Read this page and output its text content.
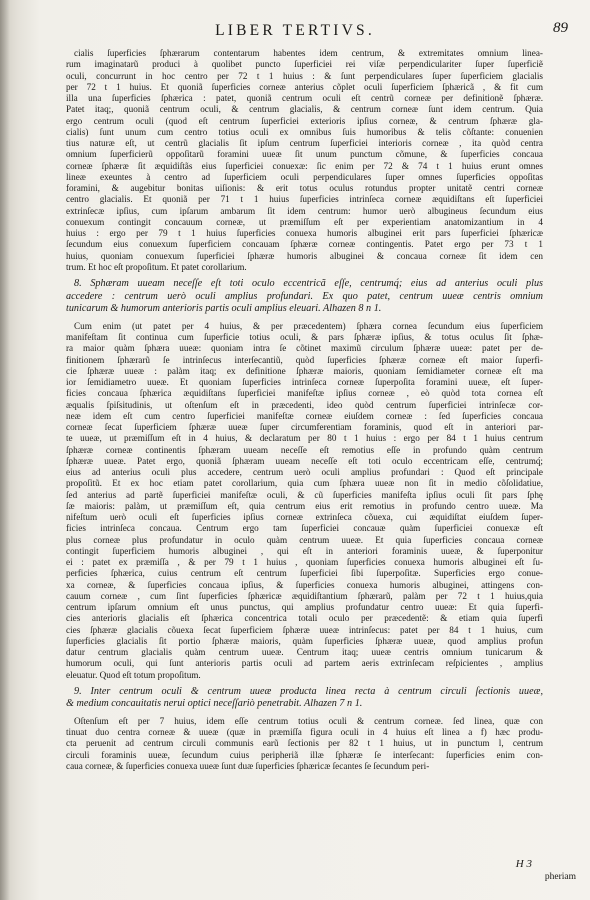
LIBER TERTIVS.	89
cialis ſuperficies ſphærarum contentarum habentes idem centrum, & extremitates omnium linea-
rum imaginatarũ produci à quolibet puncto ſuperficiei rei viſæ perpendiculariter ſuper ſuperficiẽ
oculi, concurrunt in hoc centro per 72 t 1 huius : & ſunt perpendiculares ſuper ſuperficiem glacialis
per 72 t 1 huius. Et quoniã ſuperficies corneæ anterius cõplet oculi ſuperficiem ſphæricã , & fit cum
illa una ſuperficies ſphærica : patet, quoniã centrum oculi eſt centrũ corneæ per definitionẽ ſphæræ.
Patet itaq;, quoniã centrum oculi, & centrum glacialis, & centrum corneæ ſunt idem centrum. Quia
ergo centrum oculi (quod eſt centrum ſuperficiei exterioris ipſius corneæ, & centrum ſphæræ gla-
cialis) ſunt unum cum centro totius oculi ex omnibus ſuis humoribus & telis cõſtante: conuenien
tius naturæ eſt, ut centrũ glacialis ſit ipſum centrum ſuperficiei interioris corneæ , ita quòd centra
omnium ſuperficierũ oppoſitarũ foramini uueæ ſit unum punctum cõmune, & ſuperficies concaua
corneæ ſphæræ ſit æquidiſtãs eius ſuperficiei conuexæ: ſic enim per 72 & 74 t 1 huius erunt omnes
lineæ exeuntes à centro ad ſuperficiem oculi perpendiculares ſuper omnes ſuperficies oppoſitas
foramini, & augebitur bonitas uiſionis: & erit totus oculus rotundus propter unitatẽ centri corneæ
centro glacialis. Et quoniã per 71 t 1 huius ſuperficies intrinſeca corneæ æquidiſtans eſt ſuperficiei
extrinſecæ ipſius, cum ipſarum ambarum ſit idem centrum: humor uerò albugineus ſecundum eius
conuexum contingit concauum corneæ, ut præmiſſum eſt per experientiam anatomizantium in 4
huius : ergo per 79 t 1 huius ſuperficies conuexa humoris albuginei erit pars ſuperficiei ſphæricæ
ſecundum eius conuexum ſuperficiem concauam ſphæræ corneæ contingentis. Patet ergo per 73 t 1
huius, quoniam conuexum ſuperficiei ſphæræ humoris albuginei & concaua corneæ ſit idem cen
trum. Et hoc eſt propoſitum. Et patet corollarium.
8. Sphæram uueam neceſſe eſt toti oculo eccentricã eſſe, centrumq́; eius ad anterius oculi plus
accedere : centrum uerò oculi amplius profundari. Ex quo patet, centrum uueæ centris omnium
tunicarum & humorum anterioris partis oculi amplius eleuari. Alhazen 8 n 1.
Cum enim (ut patet per 4 huius, & per præcedentem) ſphæra cornea ſecundum eius ſuperficiem
manifeſtam ſit continua cum ſuperficie totius oculi, & pars ſphæræ ipſius, & totus oculus ſit ſphæ-
ra maior quàm ſphæra uueæ: quoniam intra ſe cõtinet maximũ circulum ſphæræ uueæ: patet per de-
finitionem ſphærarũ ſe intrinſecus interſecantiũ, quòd ſuperficies ſphæræ corneæ eſt maior ſuperfi-
cie ſphæræ uueæ : palàm itaq; ex definitione ſphæræ maioris, quoniam ſemidiameter corneæ eſt ma
ior ſemidiametro uueæ. Et quoniam ſuperficies intrinſeca corneæ ſuperpoſita foramini uueæ, eſt ſuper-
ficies concaua ſphærica æquidiſtans ſuperficiei manifeſtæ ipſius corneæ , eò quòd tota cornea eſt
æqualis ſpiſsitudinis, ut oſtenſum eſt in præcedenti, ideo quòd centrum ſuperficiei intrinſecæ cor-
neæ idem eſt cum centro ſuperficiei manifeſtæ corneæ eiuſdem corneæ : ſed ſuperficies concaua
corneæ ſecat ſuperficiem ſphæræ uueæ ſuper circumferentiam foraminis, quod eſt in anteriori par-
te uueæ, ut præmiſſum eſt in 4 huius, & declaratum per 80 t 1 huius : ergo per 84 t 1 huius centrum
ſphæræ corneæ continentis ſphæram uueam neceſſe eſt remotius eſſe in profundo quàm centrum
ſphæræ uueæ. Patet ergo, quoniã ſphæram uueam neceſſe eſt toti oculo eccentricam eſſe, centrumq́;
eius ad anterius oculi plus accedere, centrum uerò oculi amplius profundari : Quod eſt principale
propoſitũ. Et ex hoc etiam patet corollarium, quia cum ſphæra uueæ non ſit in medio cõſolidatiue,
ſed anterius ad partẽ ſuperficiei manifeſtæ oculi, & cũ ſuperficies manifeſta ipſius oculi ſit pars ſphę
ſæ maioris: palàm, ut præmiſſum eſt, quia centrum eius erit remotius in profundo centro uueæ. Ma
nifeſtum uerò oculi eſt ſuperficies ipſius corneæ extrinſeca cõuexa, cui æquidiſtat eiuſdem ſuper-
ficies intrinſeca concaua. Centrum ergo tam ſuperficiei concauæ quàm ſuperficiei conuexæ eſt
plus corneæ plus profundatur in oculo quàm centrum uueæ. Et quia ſuperficies concaua corneæ
contingit ſuperficiem humoris albuginei , qui eſt in anteriori foraminis uueæ, & ſuperponitur
ei : patet ex præmiſſa , & per 79 t 1 huius , quoniam ſuperficies conuexa humoris albuginei eſt ſu-
perficies ſphærica, cuius centrum eſt centrum ſuperficiei ſibi ſuperpoſitæ. Superficies ergo conue-
xa corneæ, & ſuperficies concaua ipſius, & ſuperficies conuexa humoris albuginei, attingens con-
cauum corneæ , cum ſint ſuperficies ſphæricæ æquidiſtantium ſphærarũ, palàm per 72 t 1 huius,quia
centrum ipſarum omnium eſt unus punctus, qui amplius profundatur centro uueæ: Et quia ſuperfi-
cies anterioris glacialis eſt ſphærica concentrica totali oculo per præcedentẽ: & etiam quia ſuperfi
cies ſphæræ glacialis cõuexa ſecat ſuperficiem ſphæræ uueæ intrinſecus: patet per 84 t 1 huius, cum
ſuperficies glacialis ſit portio ſphæræ maioris, quàm ſuperficies ſphæræ uueæ, quod amplius profun
datur centrum glacialis quàm centrum uueæ. Centrum itaq; uueæ centris omnium tunicarum &
humorum oculi, qui ſunt anterioris partis oculi ad partem aeris extrinſecam reſpicientes , amplius
eleuatur. Quod eſt totum propoſitum.
9. Inter centrum oculi & centrum uueæ producta linea recta à centrum circuli ſectionis uueæ,
& medium concauitatis nerui optici neceſſariò penetrabit. Alhazen 7 n 1.
Oſtenſum eſt per 7 huius, idem eſſe centrum totius oculi & centrum corneæ. ſed linea, quæ con
tinuat duo centra corneæ & uueæ (quæ in præmiſſa figura oculi in 4 huius eſt linea a f) hæc produ-
cta peruenit ad centrum circuli communis earũ ſectionis per 82 t 1 huius, ut in punctum l, centrum
circuli foraminis uueæ, ſecundum cuius peripheriã illæ ſphæræ ſe interſecant: ſuperficies enim con-
caua corneæ, & ſuperficies conuexa uueæ ſunt duæ ſuperficies ſphæricæ ſecantes ſe ſecundum peri-
H 3
pheriam
